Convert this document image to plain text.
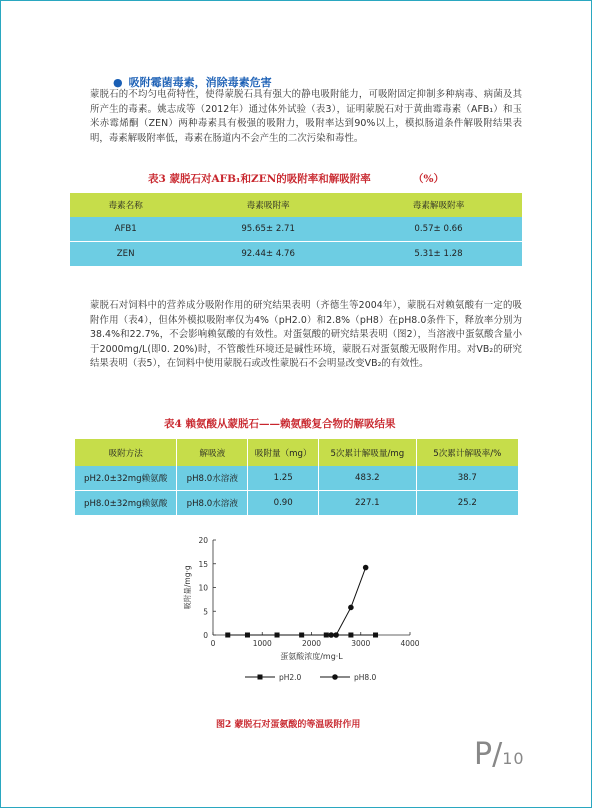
● 吸附霉菌毒素，消除毒素危害
蒙脱石的不均匀电荷特性，使得蒙脱石具有强大的静电吸附能力，可吸附固定抑制多种病毒、病菌及其所产生的毒素。姚志成等（2012年）通过体外试验（表3），证明蒙脱石对于黄曲霉毒素（AFB₁）和玉米赤霉烯酮（ZEN）两种毒素具有极强的吸附力，吸附率达到90%以上，模拟肠道条件解吸附结果表明，毒素解吸附率低，毒素在肠道内不会产生的二次污染和毒性。
表3 蒙脱石对AFB₁和ZEN的吸附率和解吸附率	（%）
毒素名称	毒素吸附率	毒素解吸附率
AFB1	95.65± 2.71	0.57± 0.66
ZEN	92.44± 4.76	5.31± 1.28
蒙脱石对饲料中的营养成分吸附作用的研究结果表明（齐德生等2004年），蒙脱石对赖氨酸有一定的吸附作用（表4），但体外模拟吸附率仅为4%（pH2.0）和2.8%（pH8）在pH8.0条件下，释放率分别为38.4%和22.7%，不会影响赖氨酸的有效性。对蛋氨酸的研究结果表明（图2），当溶液中蛋氨酸含量小于2000mg/L(即0. 20%)时，不管酸性环境还是碱性环境，蒙脱石对蛋氨酸无吸附作用。对VB₂的研究结果表明（表5），在饲料中使用蒙脱石或改性蒙脱石不会明显改变VB₂的有效性。
表4 赖氨酸从蒙脱石——赖氨酸复合物的解吸结果
吸附方法	解吸液	吸附量（mg）	5次累计解吸量/mg	5次累计解吸率/%
pH2.0±32mg赖氨酸	pH8.0水溶液	1.25	483.2	38.7
pH8.0±32mg赖氨酸	pH8.0水溶液	0.90	227.1	25.2
0	1000	2000	3000	4000
0
5
10
15
20
吸附量/mg·g
蛋氨酸浓度/mg·L
pH2.0	pH8.0
图2 蒙脱石对蛋氨酸的等温吸附作用
P/10
